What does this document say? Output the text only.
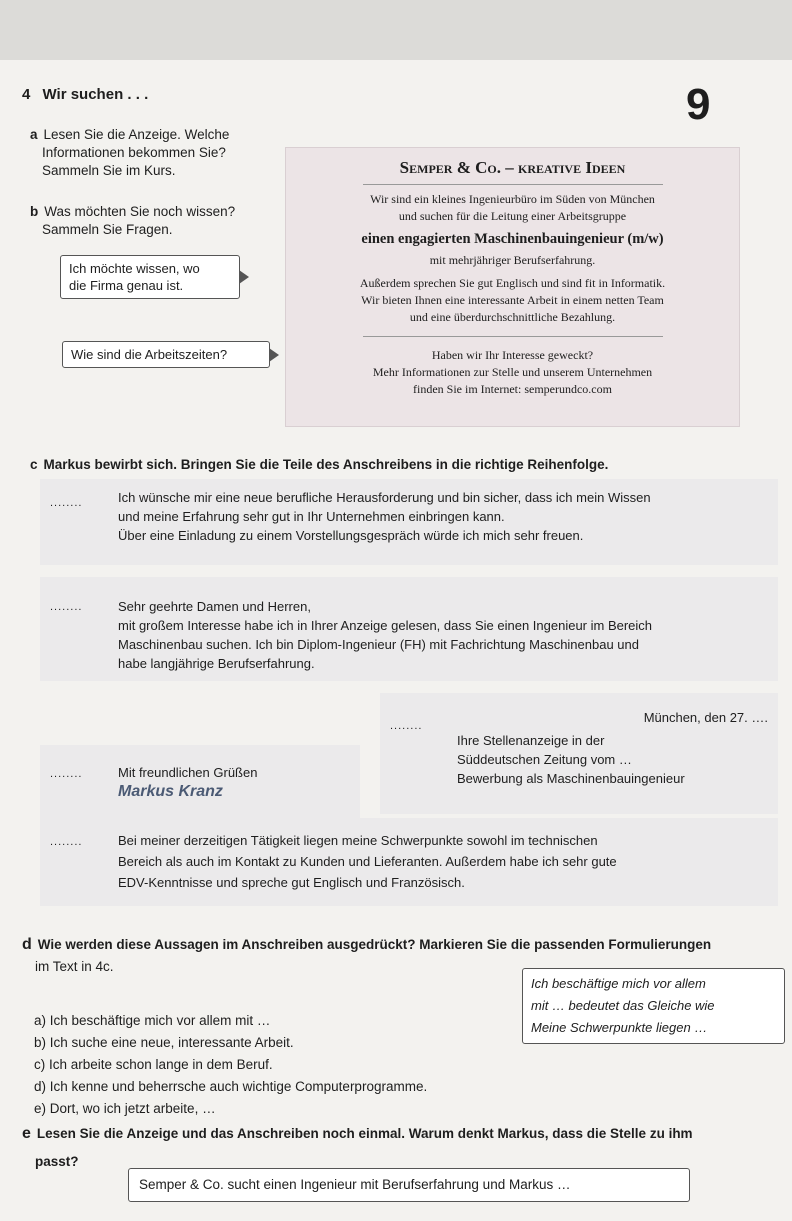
4 Wir suchen . . .	9
a Lesen Sie die Anzeige. Welche
Informationen bekommen Sie?
Sammeln Sie im Kurs.
b Was möchten Sie noch wissen?
Sammeln Sie Fragen.
Ich möchte wissen, wo
die Firma genau ist.
Wie sind die Arbeitszeiten?
Semper & Co. – kreative Ideen

Wir sind ein kleines Ingenieurbüro im Süden von München

und suchen für die Leitung einer Arbeitsgruppe

einen engagierten Maschinenbauingenieur (m/w)

mit mehrjähriger Berufserfahrung.

Außerdem sprechen Sie gut Englisch und sind fit in Informatik.

Wir bieten Ihnen eine interessante Arbeit in einem netten Team

und eine überdurchschnittliche Bezahlung.

Haben wir Ihr Interesse geweckt?

Mehr Informationen zur Stelle und unserem Unternehmen

finden Sie im Internet: semperundco.com

c Markus bewirbt sich. Bringen Sie die Teile des Anschreibens in die richtige Reihenfolge.
........	Ich wünsche mir eine neue berufliche Herausforderung und bin sicher, dass ich mein Wissen
und meine Erfahrung sehr gut in Ihr Unternehmen einbringen kann.
Über eine Einladung zu einem Vorstellungsgespräch würde ich mich sehr freuen.
........	Sehr geehrte Damen und Herren,
mit großem Interesse habe ich in Ihrer Anzeige gelesen, dass Sie einen Ingenieur im Bereich
Maschinenbau suchen. Ich bin Diplom-Ingenieur (FH) mit Fachrichtung Maschinenbau und
habe langjährige Berufserfahrung.
........
München, den 27. ….
Ihre Stellenanzeige in der
Süddeutschen Zeitung vom …
Bewerbung als Maschinenbauingenieur
........	Mit freundlichen Grüßen
Markus Kranz
........	Bei meiner derzeitigen Tätigkeit liegen meine Schwerpunkte sowohl im technischen
Bereich als auch im Kontakt zu Kunden und Lieferanten. Außerdem habe ich sehr gute
EDV-Kenntnisse und spreche gut Englisch und Französisch.
d Wie werden diese Aussagen im Anschreiben ausgedrückt? Markieren Sie die passenden Formulierungen
im Text in 4c.
a) Ich beschäftige mich vor allem mit …
b) Ich suche eine neue, interessante Arbeit.
c) Ich arbeite schon lange in dem Beruf.
d) Ich kenne und beherrsche auch wichtige Computerprogramme.
e) Dort, wo ich jetzt arbeite, …
Ich beschäftige mich vor allem
mit … bedeutet das Gleiche wie
Meine Schwerpunkte liegen …
e Lesen Sie die Anzeige und das Anschreiben noch einmal. Warum denkt Markus, dass die Stelle zu ihm
passt?
Semper & Co. sucht einen Ingenieur mit Berufserfahrung und Markus …
